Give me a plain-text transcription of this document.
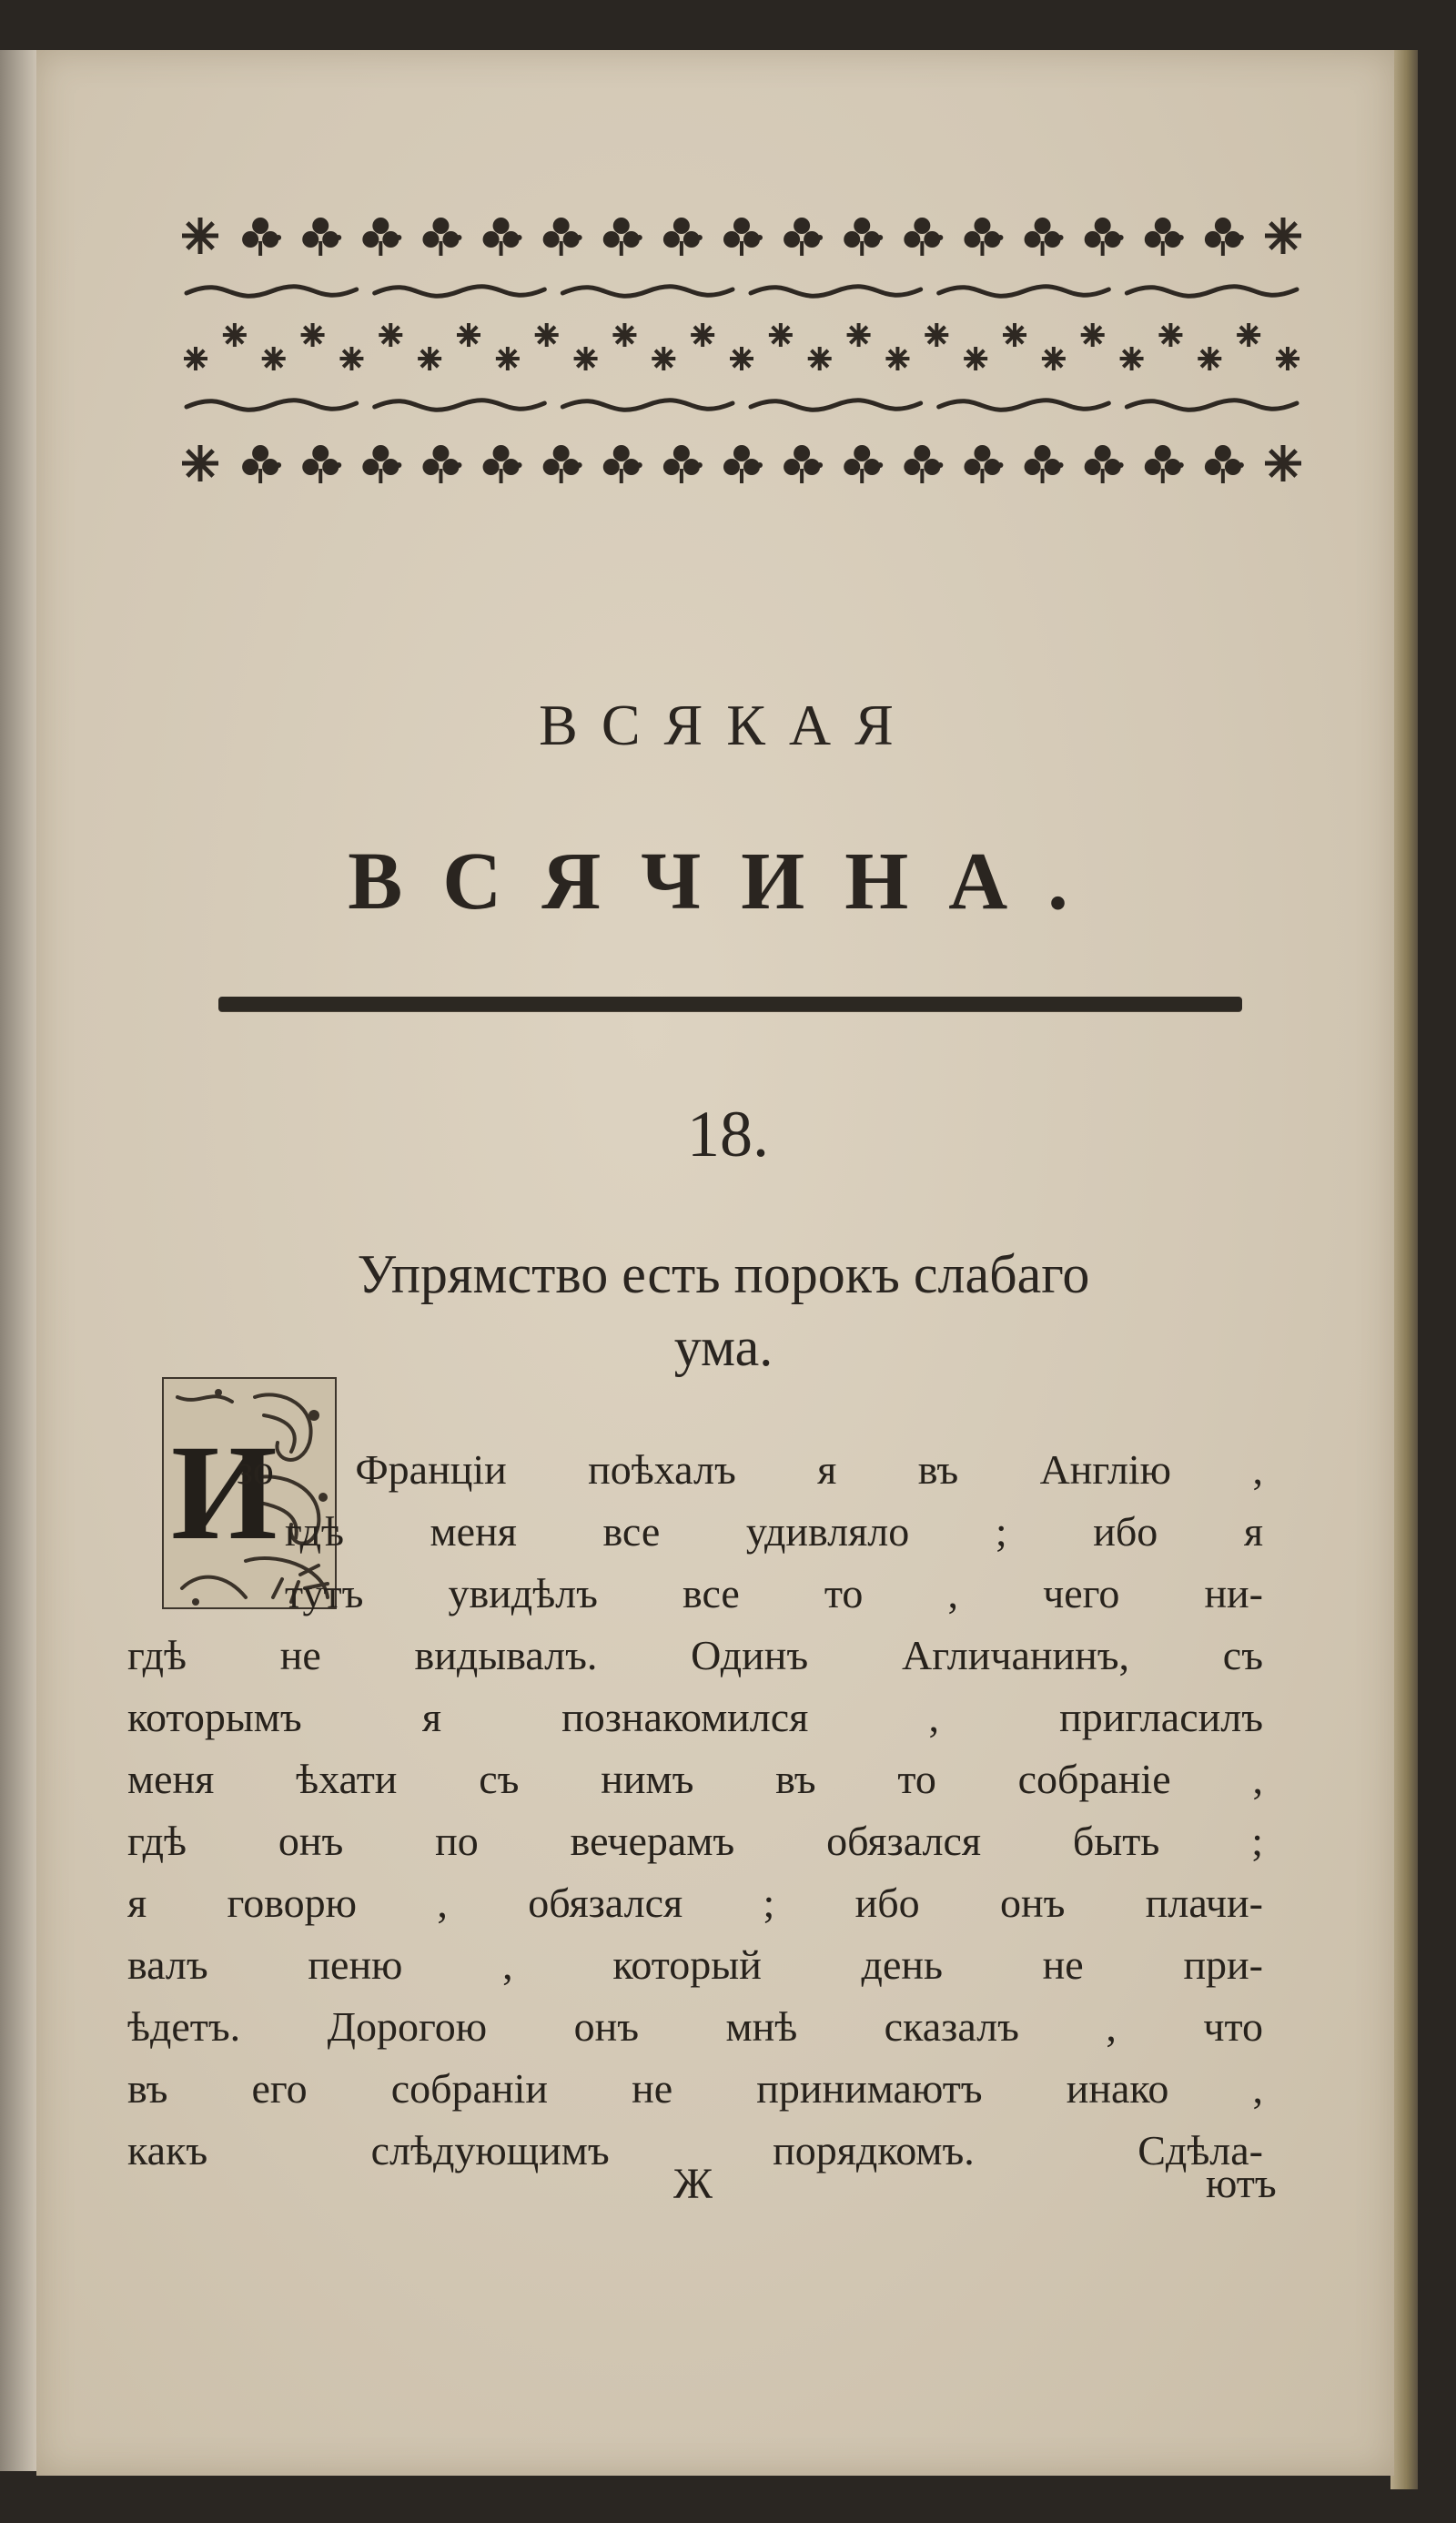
ВСЯКАЯ
ВСЯЧИНА.
18.
Упрямство есть порокъ слабаго
ума.
И
зо Франціи поѣхалъ я въ Англію ,
гдѣ меня все удивляло ; ибо я
тутъ увидѣлъ все то , чего ни-
гдѣ не видывалъ. Одинъ Агличанинъ, съ
которымъ я познакомился , пригласилъ
меня ѣхати съ нимъ въ то собраніе ,
гдѣ онъ по вечерамъ обязался быть ;
я говорю , обязался ; ибо онъ плачи-
валъ пеню , который день не при-
ѣдетъ. Дорогою онъ мнѣ сказалъ , что
въ его собраніи не принимаютъ инако ,
какъ слѣдующимъ порядкомъ. Сдѣла-
Ж	ютъ
